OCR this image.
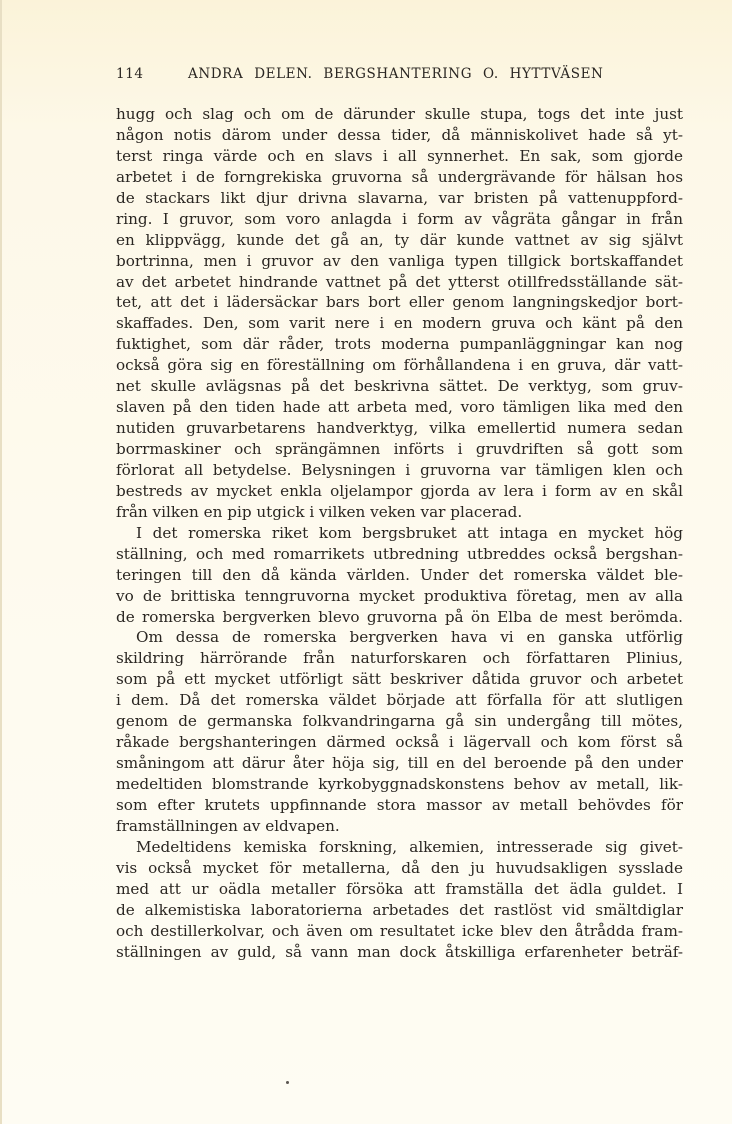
114	ANDRA DELEN. BERGSHANTERING O. HYTTVÄSEN
hugg och slag och om de därunder skulle stupa, togs det inte just
någon notis därom under dessa tider, då människolivet hade så yt-
terst ringa värde och en slavs i all synnerhet. En sak, som gjorde
arbetet i de forngrekiska gruvorna så undergrävande för hälsan hos
de stackars likt djur drivna slavarna, var bristen på vattenuppford-
ring. I gruvor, som voro anlagda i form av vågräta gångar in från
en klippvägg, kunde det gå an, ty där kunde vattnet av sig självt
bortrinna, men i gruvor av den vanliga typen tillgick bortskaffandet
av det arbetet hindrande vattnet på det ytterst otillfredsställande sät-
tet, att det i lädersäckar bars bort eller genom langningskedjor bort-
skaffades. Den, som varit nere i en modern gruva och känt på den
fuktighet, som där råder, trots moderna pumpanläggningar kan nog
också göra sig en föreställning om förhållandena i en gruva, där vatt-
net skulle avlägsnas på det beskrivna sättet. De verktyg, som gruv-
slaven på den tiden hade att arbeta med, voro tämligen lika med den
nutiden gruvarbetarens handverktyg, vilka emellertid numera sedan
borrmaskiner och sprängämnen införts i gruvdriften så gott som
förlorat all betydelse. Belysningen i gruvorna var tämligen klen och
bestreds av mycket enkla oljelampor gjorda av lera i form av en skål
från vilken en pip utgick i vilken veken var placerad.
I det romerska riket kom bergsbruket att intaga en mycket hög
ställning, och med romarrikets utbredning utbreddes också bergshan-
teringen till den då kända världen. Under det romerska väldet ble-
vo de brittiska tenngruvorna mycket produktiva företag, men av alla
de romerska bergverken blevo gruvorna på ön Elba de mest berömda.
Om dessa de romerska bergverken hava vi en ganska utförlig
skildring härrörande från naturforskaren och författaren Plinius,
som på ett mycket utförligt sätt beskriver dåtida gruvor och arbetet
i dem. Då det romerska väldet började att förfalla för att slutligen
genom de germanska folkvandringarna gå sin undergång till mötes,
råkade bergshanteringen därmed också i lägervall och kom först så
småningom att därur åter höja sig, till en del beroende på den under
medeltiden blomstrande kyrkobyggnadskonstens behov av metall, lik-
som efter krutets uppfinnande stora massor av metall behövdes för
framställningen av eldvapen.
Medeltidens kemiska forskning, alkemien, intresserade sig givet-
vis också mycket för metallerna, då den ju huvudsakligen sysslade
med att ur oädla metaller försöka att framställa det ädla guldet. I
de alkemistiska laboratorierna arbetades det rastlöst vid smältdiglar
och destillerkolvar, och även om resultatet icke blev den åtrådda fram-
ställningen av guld, så vann man dock åtskilliga erfarenheter beträf-
